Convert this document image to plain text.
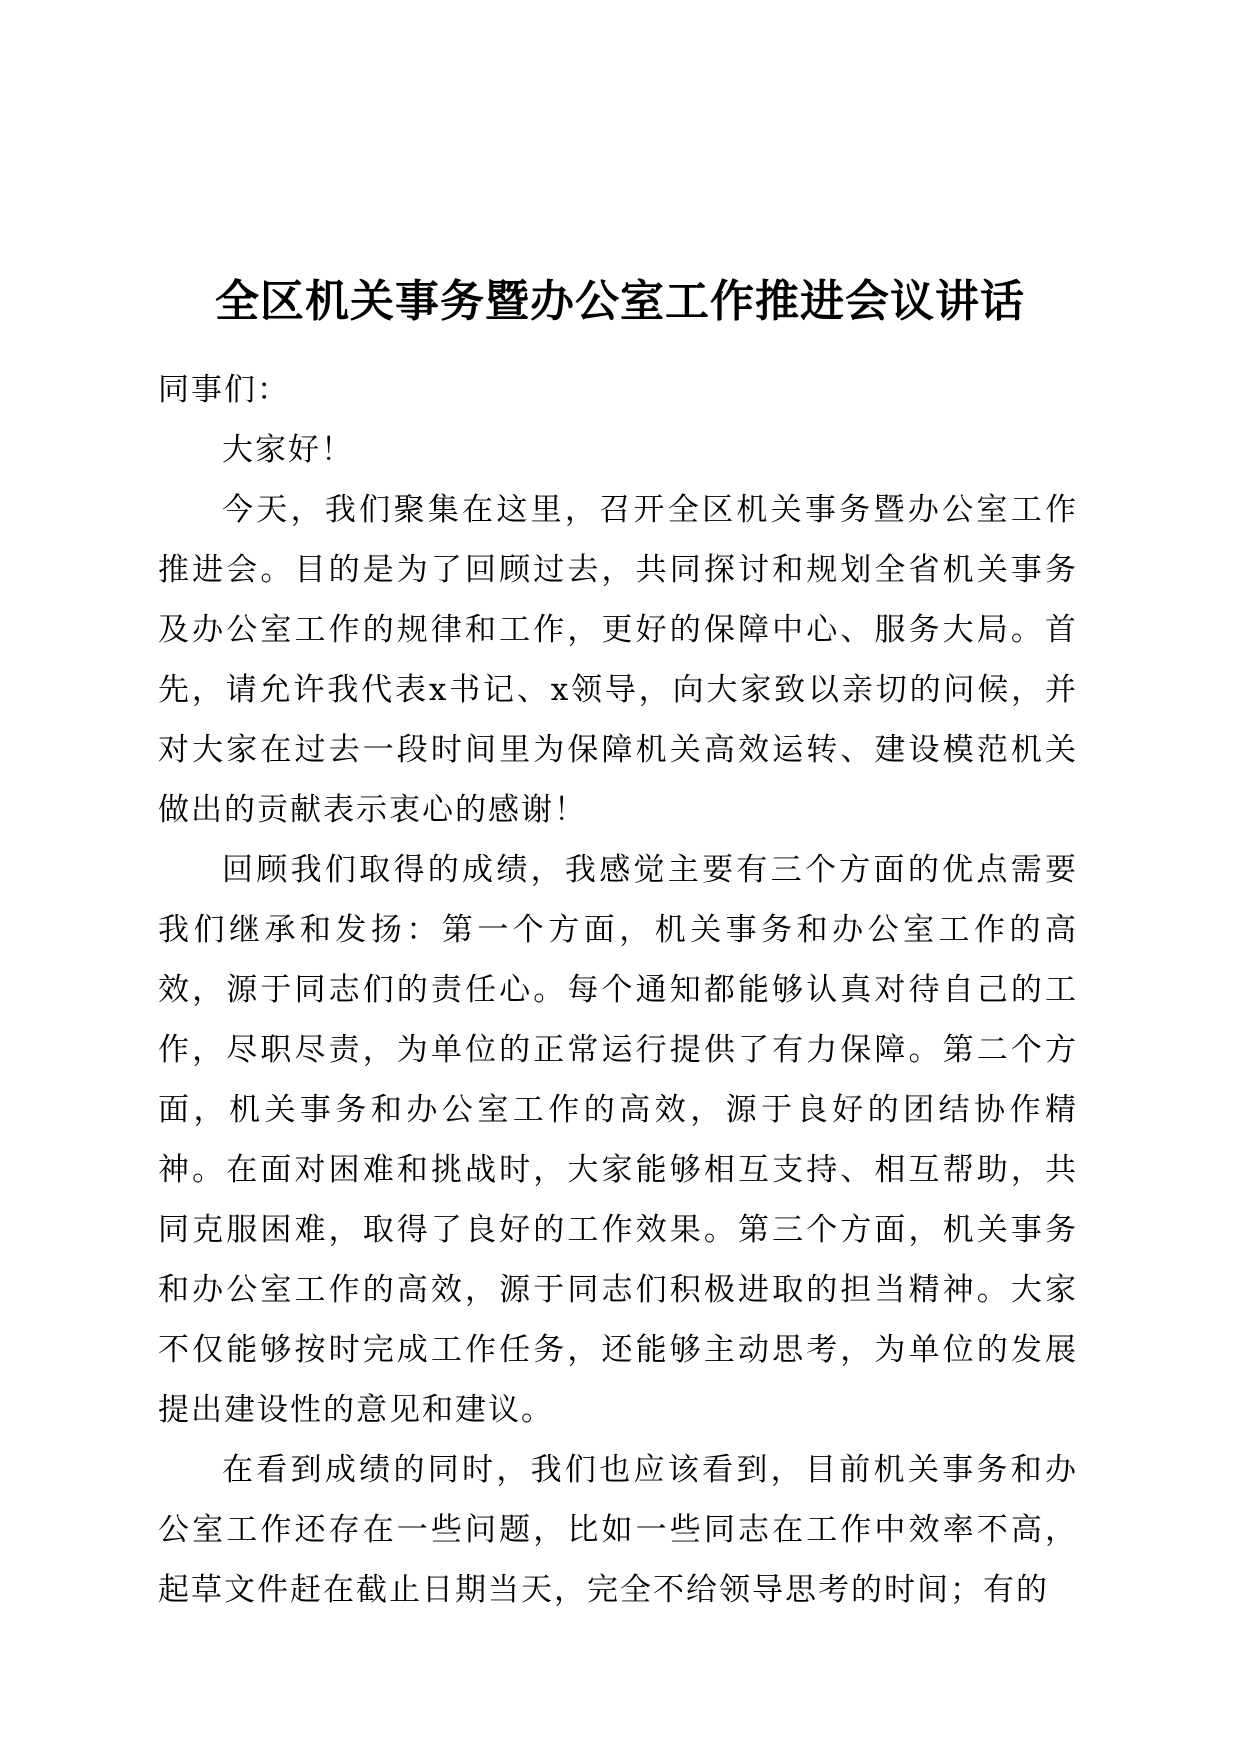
全区机关事务暨办公室工作推进会议讲话

同事们：

大家好！

今天，我们聚集在这里，召开全区机关事务暨办公室工作推进会。目的是为了回顾过去，共同探讨和规划全省机关事务及办公室工作的规律和工作，更好的保障中心、服务大局。首先，请允许我代表x书记、x领导，向大家致以亲切的问候，并对大家在过去一段时间里为保障机关高效运转、建设模范机关做出的贡献表示衷心的感谢！

回顾我们取得的成绩，我感觉主要有三个方面的优点需要我们继承和发扬：第一个方面，机关事务和办公室工作的高效，源于同志们的责任心。每个通知都能够认真对待自己的工作，尽职尽责，为单位的正常运行提供了有力保障。第二个方面，机关事务和办公室工作的高效，源于良好的团结协作精神。在面对困难和挑战时，大家能够相互支持、相互帮助，共同克服困难，取得了良好的工作效果。第三个方面，机关事务和办公室工作的高效，源于同志们积极进取的担当精神。大家不仅能够按时完成工作任务，还能够主动思考，为单位的发展提出建设性的意见和建议。

在看到成绩的同时，我们也应该看到，目前机关事务和办公室工作还存在一些问题，比如一些同志在工作中效率不高，起草文件赶在截止日期当天，完全不给领导思考的时间；有的
